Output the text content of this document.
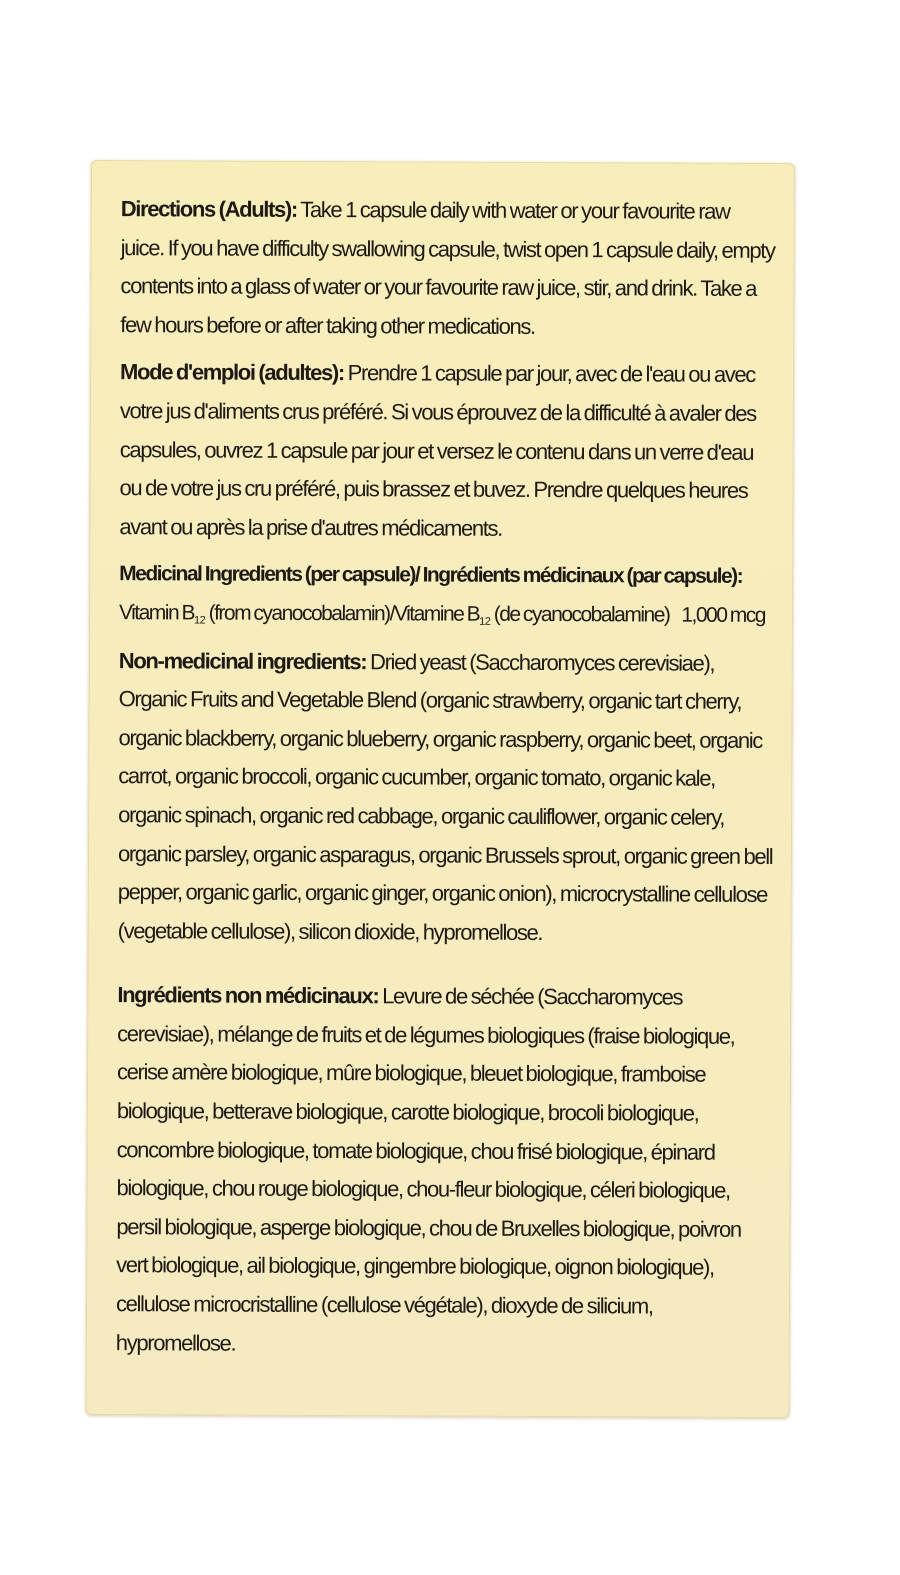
Directions (Adults): Take 1 capsule daily with water or your favourite raw juice. If you have difficulty swallowing capsule, twist open 1 capsule daily, empty contents into a glass of water or your favourite raw juice, stir, and drink. Take a few hours before or after taking other medications.

Mode d'emploi (adultes): Prendre 1 capsule par jour, avec de l'eau ou avec votre jus d'aliments crus préféré. Si vous éprouvez de la difficulté à avaler des capsules, ouvrez 1 capsule par jour et versez le contenu dans un verre d'eau ou de votre jus cru préféré, puis brassez et buvez. Prendre quelques heures avant ou après la prise d'autres médicaments.

Medicinal Ingredients (per capsule)/ Ingrédients médicinaux (par capsule):
Vitamin $B_{12}$ (from cyanocobalamin)/Vitamine $B_{12}$ (de cyanocobalamine) 1,000 mcg

Non-medicinal ingredients: Dried yeast (Saccharomyces cerevisiae), Organic Fruits and Vegetable Blend (organic strawberry, organic tart cherry, organic blackberry, organic blueberry, organic raspberry, organic beet, organic carrot, organic broccoli, organic cucumber, organic tomato, organic kale, organic spinach, organic red cabbage, organic cauliflower, organic celery, organic parsley, organic asparagus, organic Brussels sprout, organic green bell pepper, organic garlic, organic ginger, organic onion), microcrystalline cellulose (vegetable cellulose), silicon dioxide, hypromellose.

Ingrédients non médicinaux: Levure de séchée (Saccharomyces cerevisiae), mélange de fruits et de légumes biologiques (fraise biologique, cerise amère biologique, mûre biologique, bleuet biologique, framboise biologique, betterave biologique, carotte biologique, brocoli biologique, concombre biologique, tomate biologique, chou frisé biologique, épinard biologique, chou rouge biologique, chou-fleur biologique, céleri biologique, persil biologique, asperge biologique, chou de Bruxelles biologique, poivron vert biologique, ail biologique, gingembre biologique, oignon biologique), cellulose microcristalline (cellulose végétale), dioxyde de silicium, hypromellose.
